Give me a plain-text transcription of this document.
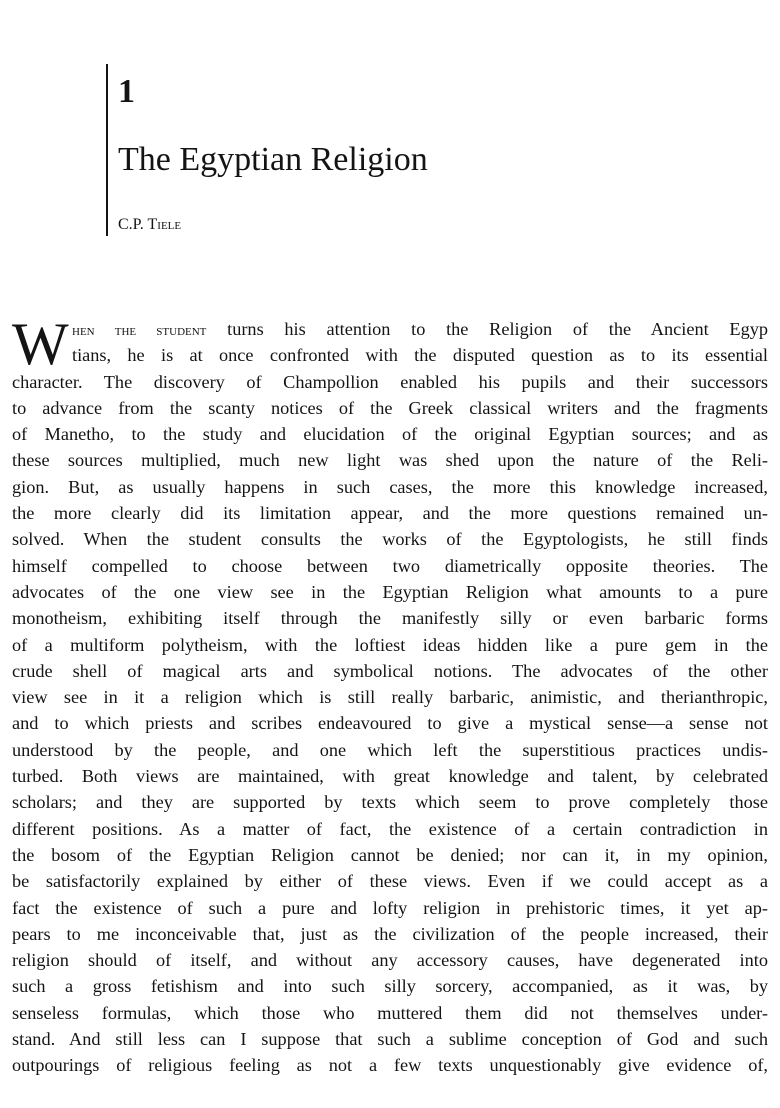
1
The Egyptian Religion
C.P. Tiele
W hen the student turns his attention to the Religion of the Ancient Egyp
tians, he is at once confronted with the disputed question as to its essential
character. The discovery of Champollion enabled his pupils and their successors
to advance from the scanty notices of the Greek classical writers and the fragments
of Manetho, to the study and elucidation of the original Egyptian sources; and as
these sources multiplied, much new light was shed upon the nature of the Reli-
gion. But, as usually happens in such cases, the more this knowledge increased,
the more clearly did its limitation appear, and the more questions remained un-
solved. When the student consults the works of the Egyptologists, he still finds
himself compelled to choose between two diametrically opposite theories. The
advocates of the one view see in the Egyptian Religion what amounts to a pure
monotheism, exhibiting itself through the manifestly silly or even barbaric forms
of a multiform polytheism, with the loftiest ideas hidden like a pure gem in the
crude shell of magical arts and symbolical notions. The advocates of the other
view see in it a religion which is still really barbaric, animistic, and therianthropic,
and to which priests and scribes endeavoured to give a mystical sense—a sense not
understood by the people, and one which left the superstitious practices undis-
turbed. Both views are maintained, with great knowledge and talent, by celebrated
scholars; and they are supported by texts which seem to prove completely those
different positions. As a matter of fact, the existence of a certain contradiction in
the bosom of the Egyptian Religion cannot be denied; nor can it, in my opinion,
be satisfactorily explained by either of these views. Even if we could accept as a
fact the existence of such a pure and lofty religion in prehistoric times, it yet ap-
pears to me inconceivable that, just as the civilization of the people increased, their
religion should of itself, and without any accessory causes, have degenerated into
such a gross fetishism and into such silly sorcery, accompanied, as it was, by
senseless formulas, which those who muttered them did not themselves under-
stand. And still less can I suppose that such a sublime conception of God and such
outpourings of religious feeling as not a few texts unquestionably give evidence of,
